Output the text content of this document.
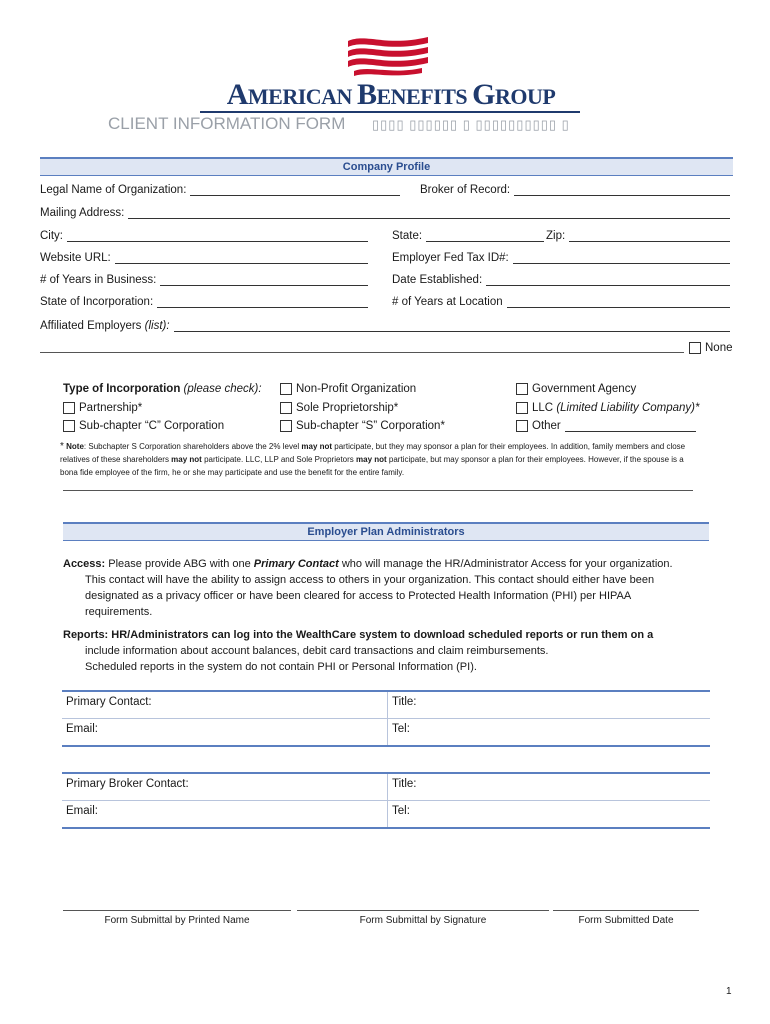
AMERICAN BENEFITS GROUP
CLIENT INFORMATION FORM ▯▯▯▯ ▯▯▯▯▯▯ ▯ ▯▯▯▯▯▯▯▯▯▯ ▯
Company Profile
Legal Name of Organization:	Broker of Record:
Mailing Address:
City:	State:	Zip:
Website URL:	Employer Fed Tax ID#:
# of Years in Business:	Date Established:
State of Incorporation:	# of Years at Location
Affiliated Employers
(list):
None
Type of Incorporation (please check):	Non-Profit Organization	Government Agency
Partnership*	Sole Proprietorship*	LLC (Limited Liability Company)*
Sub-chapter “C” Corporation	Sub-chapter “S” Corporation*	Other
* Note: Subchapter S Corporation shareholders above the 2% level may not participate, but they may sponsor a plan for their employees. In addition, family members and close relatives of these shareholders may not participate. LLC, LLP and Sole Proprietors may not participate, but may sponsor a plan for their employees. However, if the spouse is a bona fide employee of the firm, he or she may participate and use the benefit for the entire family.
Employer Plan Administrators
Access: Please provide ABG with one Primary Contact who will manage the HR/Administrator Access for your organization.
This contact will have the ability to assign access to others in your organization. This contact should either have been
designated as a privacy officer or have been cleared for access to Protected Health Information (PHI) per HIPAA
requirements.
Reports: HR/Administrators can log into the WealthCare system to download scheduled reports or run them on a
include information about account balances, debit card transactions and claim reimbursements.
Scheduled reports in the system do not contain PHI or Personal Information (PI).
Primary Contact:	Title:
Email:	Tel:
Primary Broker Contact:	Title:
Email:	Tel:
Form Submittal by Printed Name	Form Submittal by Signature	Form Submitted Date
1
